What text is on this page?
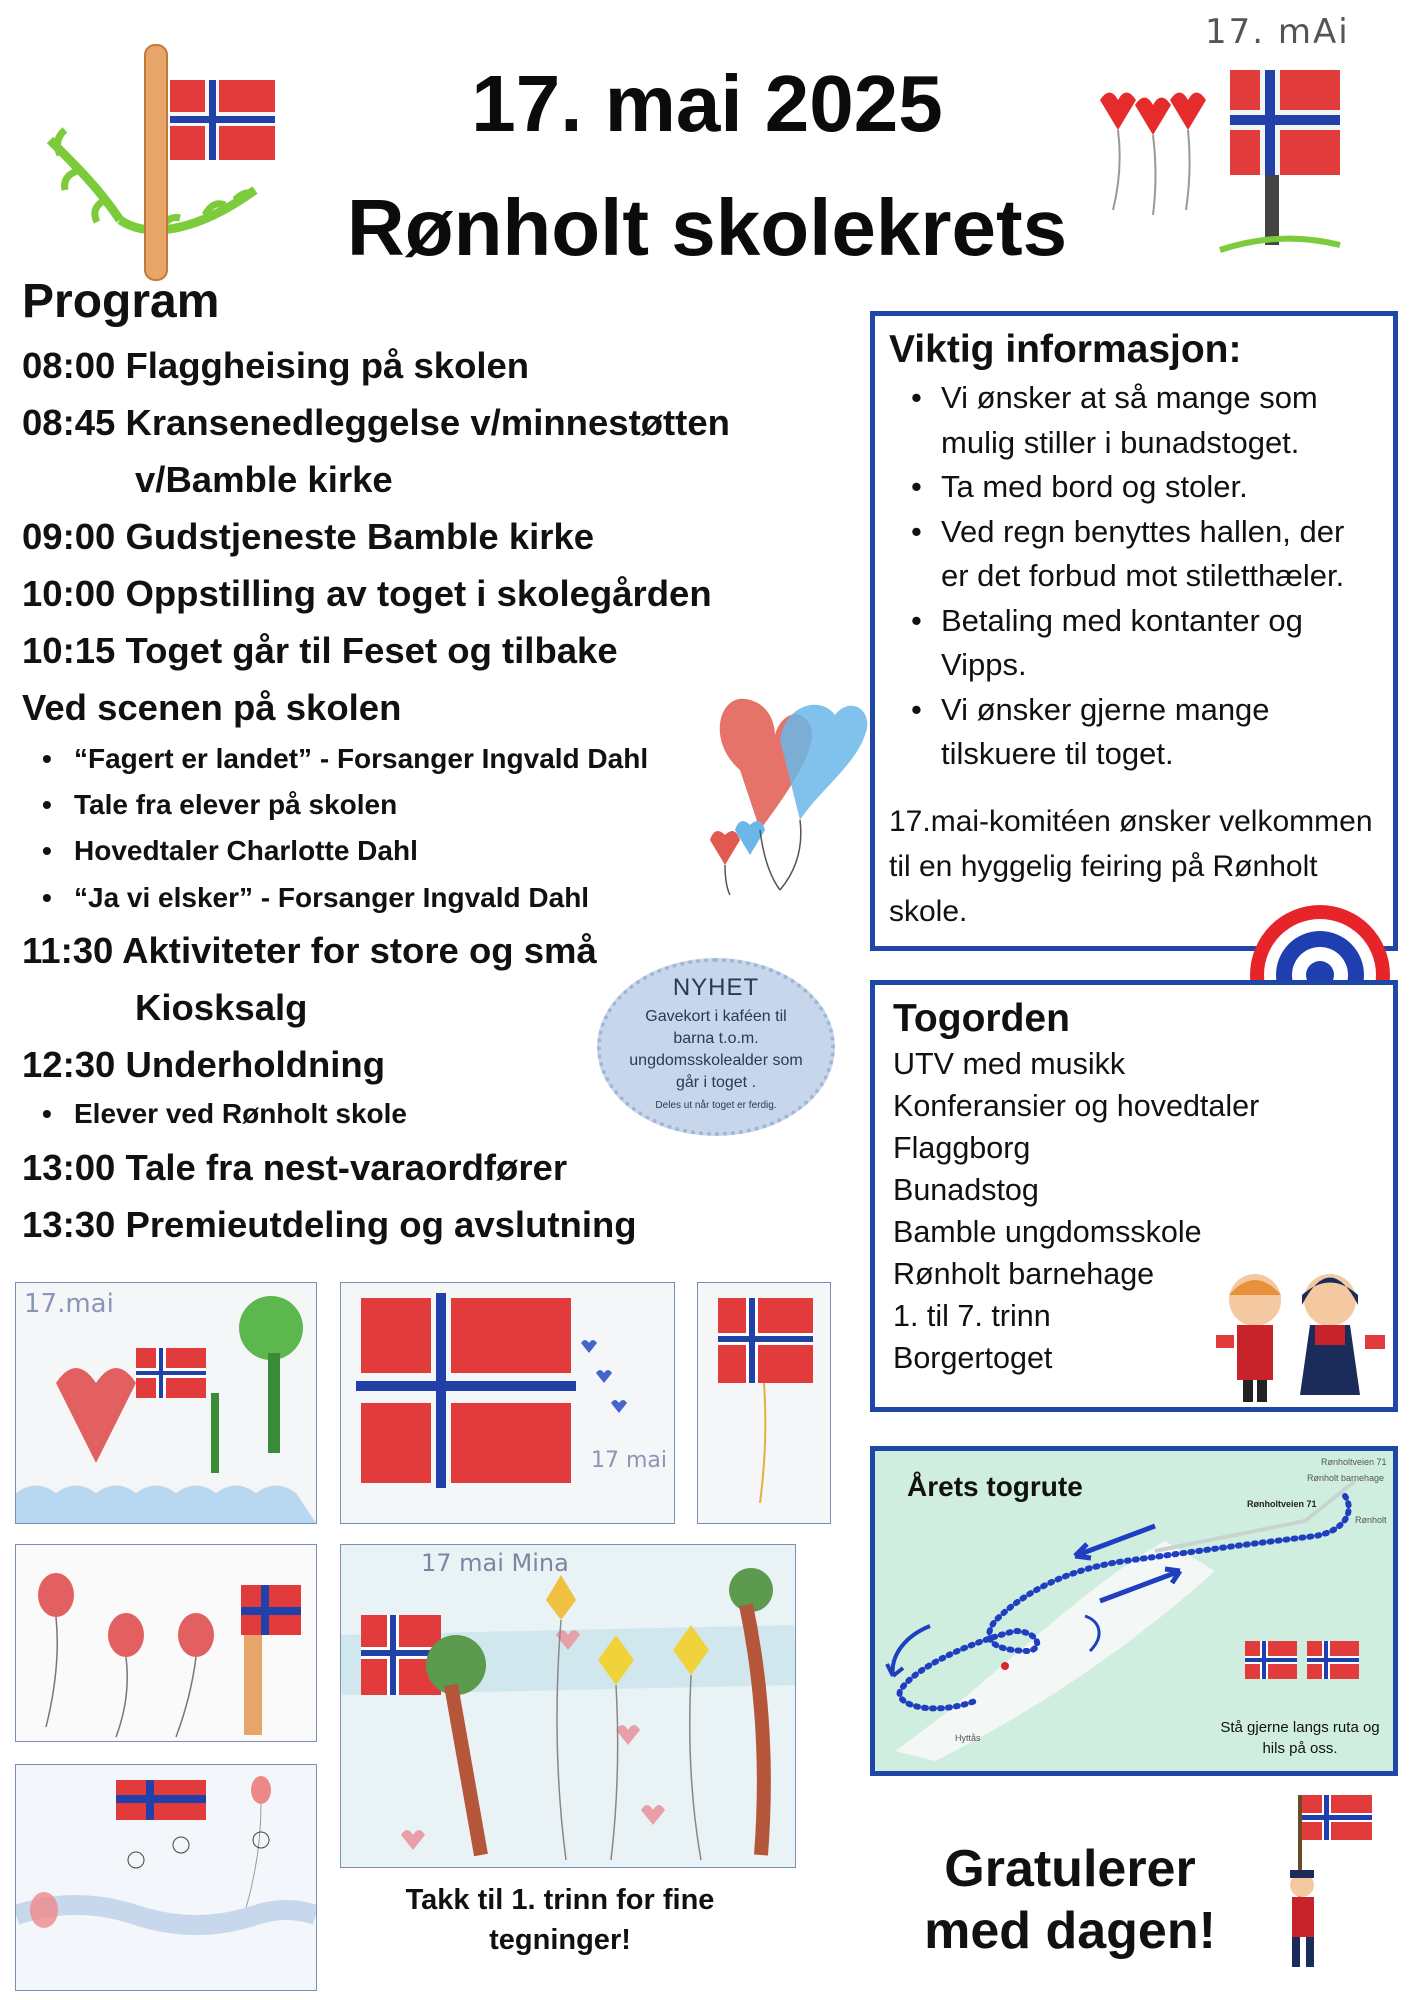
17. mai 2025
Rønholt skolekrets
17. mAi
Program
08:00 Flaggheising på skolen
08:45 Kransenedleggelse v/minnestøtten
v/Bamble kirke
09:00 Gudstjeneste Bamble kirke
10:00 Oppstilling av toget i skolegården
10:15 Toget går til Feset og tilbake
Ved scenen på skolen
• “Fagert er landet” - Forsanger Ingvald Dahl
• Tale fra elever på skolen
• Hovedtaler Charlotte Dahl
• “Ja vi elsker” - Forsanger Ingvald Dahl
11:30 Aktiviteter for store og små
Kiosksalg
12:30 Underholdning
• Elever ved Rønholt skole
13:00 Tale fra nest-varaordfører
13:30 Premieutdeling og avslutning
NYHET
Gavekort i kaféen til barna t.o.m. ungdomsskolealder som går i toget .
Deles ut når toget er ferdig.
Viktig informasjon:
• Vi ønsker at så mange som mulig stiller i bunadstoget.
• Ta med bord og stoler.
• Ved regn benyttes hallen, der er det forbud mot stiletthæler.
• Betaling med kontanter og Vipps.
• Vi ønsker gjerne mange tilskuere til toget.
17.mai-komitéen ønsker velkommen til en hyggelig feiring på Rønholt skole.
Togorden
UTV med musikk
Konferansier og hovedtaler
Flaggborg
Bunadstog
Bamble ungdomsskole
Rønholt barnehage
1. til 7. trinn
Borgertoget
Årets togrute
Rønholtveien 71
Rønholt barnehage
Rønholtveien 71
Rønholt
Hyttås
Stå gjerne langs ruta og hils på oss.
17.mai
17 mai
17 mai Mina
Takk til 1. trinn for fine tegninger!
Gratulerer med dagen!
